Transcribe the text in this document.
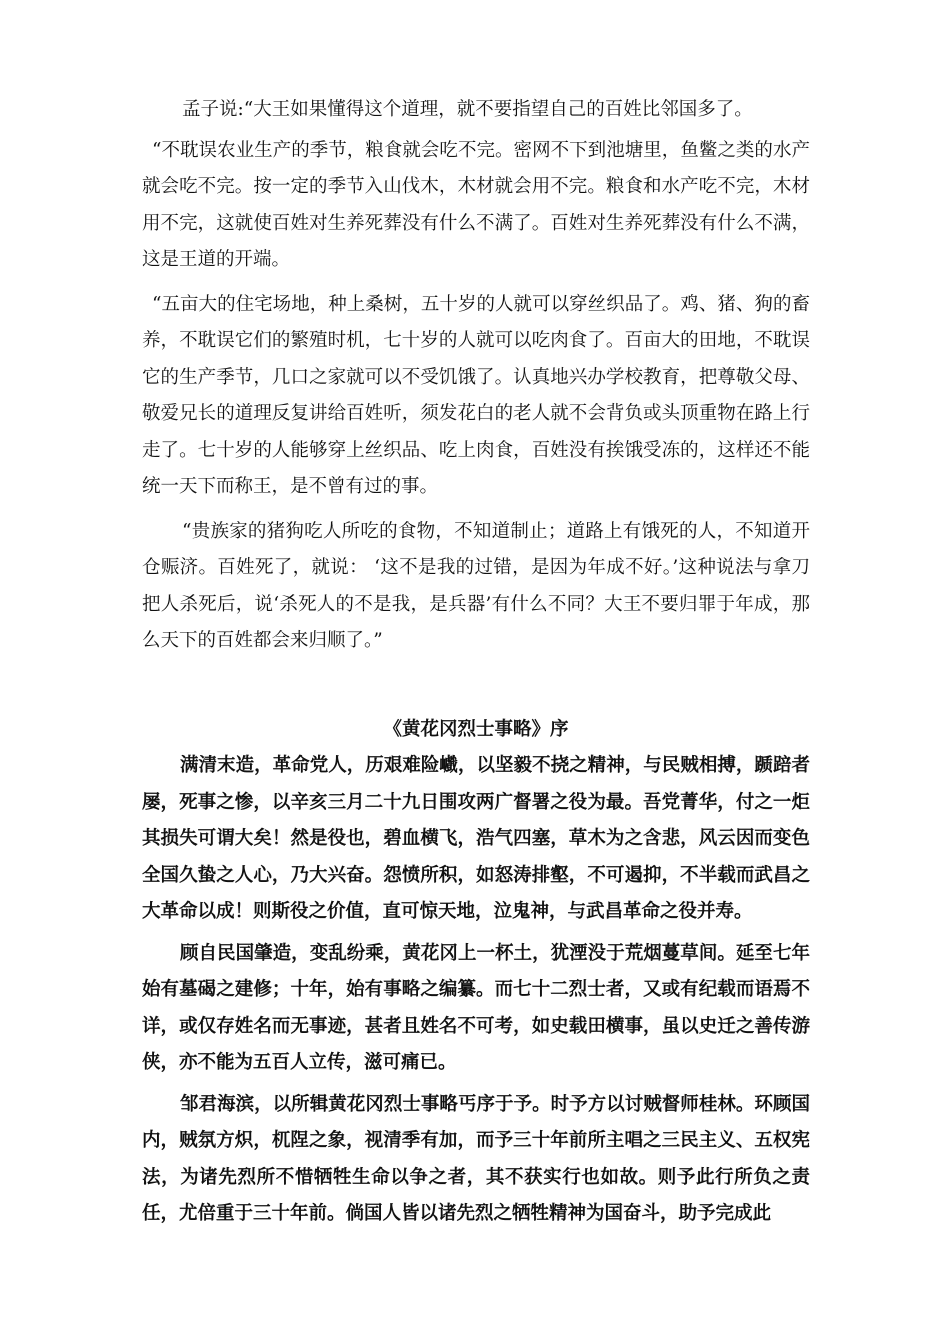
孟子说:“大王如果懂得这个道理，就不要指望自己的百姓比邻国多了。

“不耽误农业生产的季节，粮食就会吃不完。密网不下到池塘里，鱼鳖之类的水产就会吃不完。按一定的季节入山伐木，木材就会用不完。粮食和水产吃不完，木材用不完，这就使百姓对生养死葬没有什么不满了。百姓对生养死葬没有什么不满，这是王道的开端。

“五亩大的住宅场地，种上桑树，五十岁的人就可以穿丝织品了。鸡、猪、狗的畜养，不耽误它们的繁殖时机，七十岁的人就可以吃肉食了。百亩大的田地，不耽误它的生产季节，几口之家就可以不受饥饿了。认真地兴办学校教育，把尊敬父母、敬爱兄长的道理反复讲给百姓听，须发花白的老人就不会背负或头顶重物在路上行走了。七十岁的人能够穿上丝织品、吃上肉食，百姓没有挨饿受冻的，这样还不能统一天下而称王，是不曾有过的事。

“贵族家的猪狗吃人所吃的食物，不知道制止；道路上有饿死的人，不知道开仓赈济。百姓死了，就说： ‘这不是我的过错，是因为年成不好。’这种说法与拿刀把人杀死后，说‘杀死人的不是我，是兵器’有什么不同？大王不要归罪于年成，那么天下的百姓都会来归顺了。”

《黄花冈烈士事略》序

满清末造，革命党人，历艰难险巇，以坚毅不挠之精神，与民贼相搏，踬踣者屡，死事之惨，以辛亥三月二十九日围攻两广督署之役为最。吾党菁华，付之一炬其损失可谓大矣！然是役也，碧血横飞，浩气四塞，草木为之含悲，风云因而变色全国久蛰之人心，乃大兴奋。怨愤所积，如怒涛排壑，不可遏抑，不半载而武昌之大革命以成！则斯役之价值，直可惊天地，泣鬼神，与武昌革命之役并寿。

顾自民国肇造，变乱纷乘，黄花冈上一杯土，犹湮没于荒烟蔓草间。延至七年始有墓碣之建修；十年，始有事略之编纂。而七十二烈士者，又或有纪载而语焉不详，或仅存姓名而无事迹，甚者且姓名不可考，如史载田横事，虽以史迁之善传游侠，亦不能为五百人立传，滋可痛已。

邹君海滨，以所辑黄花冈烈士事略丐序于予。时予方以讨贼督师桂林。环顾国内，贼氛方炽，杌陧之象，视清季有加，而予三十年前所主唱之三民主义、五权宪法，为诸先烈所不惜牺牲生命以争之者，其不获实行也如故。则予此行所负之责任，尤倍重于三十年前。倘国人皆以诸先烈之牺牲精神为国奋斗，助予完成此
